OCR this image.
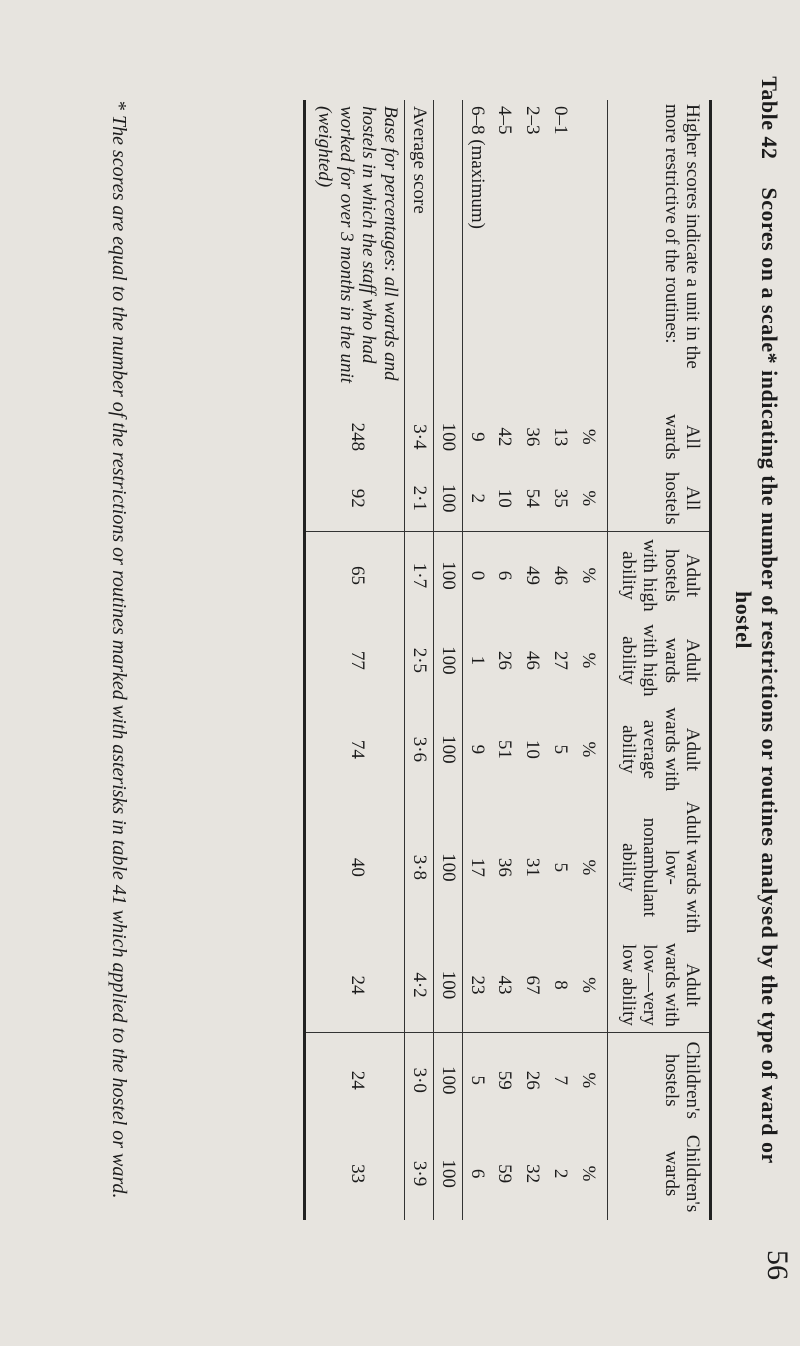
Table 42 Scores on a scale* indicating the number of restrictions or routines analysed by the type of ward or hostel
56
Higher scores indicate a unit in the more restrictive of the routines:	All wards	All hostels	Adult hostels with high ability	Adult wards with high ability	Adult wards with average ability	Adult wards with low-nonambulant ability	Adult wards with low—very low ability	Children's hostels	Children's wards
	%	%	%	%	%	%	%	%	%
0–1	13	35	46	27	5	5	8	7	2
2–3	36	54	49	46	10	31	67	26	32
4–5	42	10	6	26	51	36	43	59	59
6–8 (maximum)	9	2	0	1	9	17	23	5	6
	100	100	100	100	100	100	100	100	100
Average score	3·4	2·1	1·7	2·5	3·6	3·8	4·2	3·0	3·9
Base for percentages: all wards and hostels in which the staff who had worked for over 3 months in the unit (weighted)	248	92	65	77	74	40	24	24	33

* The scores are equal to the number of the restrictions or routines marked with asterisks in table 41 which applied to the hostel or ward.
